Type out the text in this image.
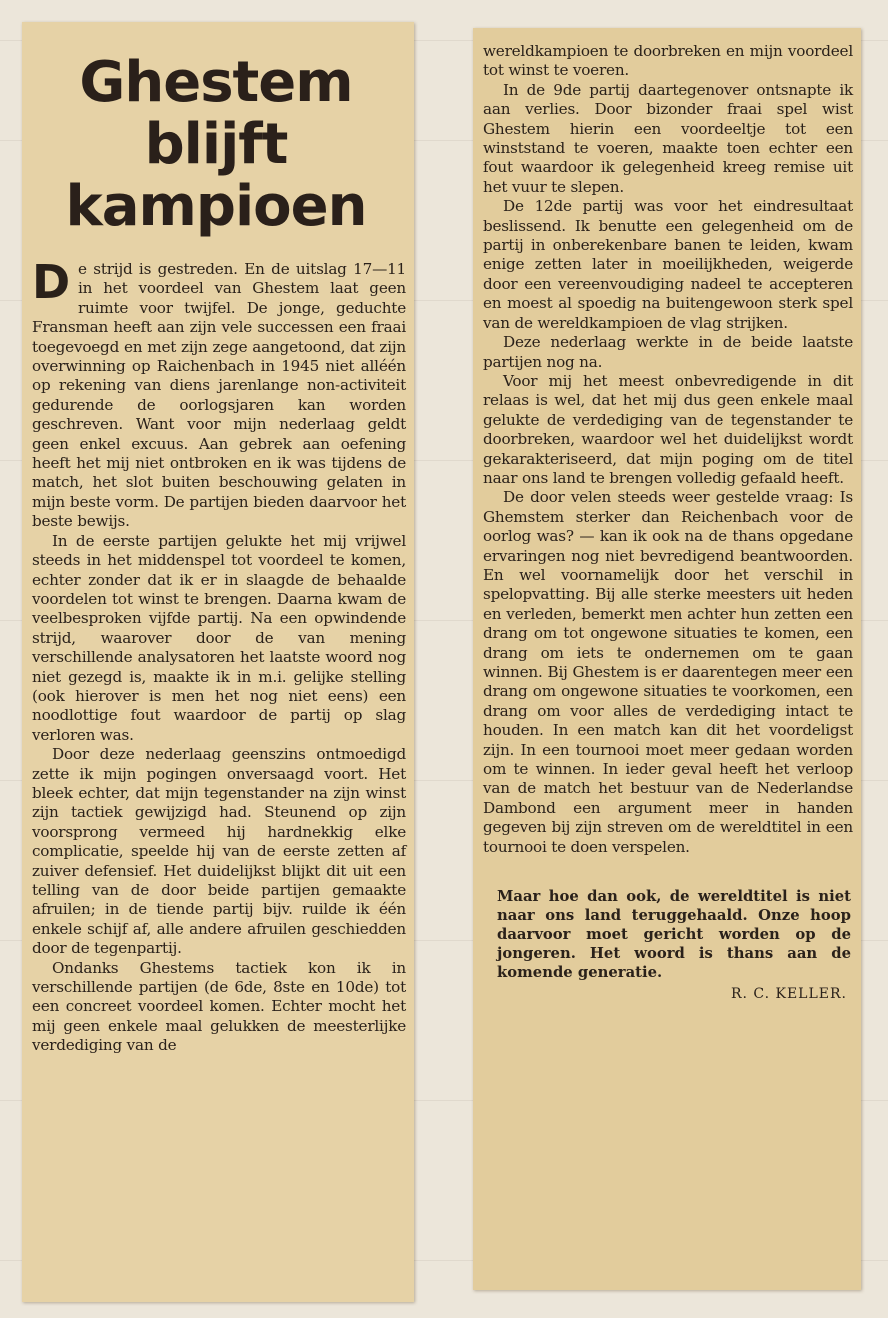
Ghestem blijft
kampioen

De strijd is gestreden. En de uitslag 17—11 in het voordeel van Ghestem laat geen ruimte voor twijfel. De jonge, geduchte Fransman heeft aan zijn vele successen een fraai toegevoegd en met zijn zege aangetoond, dat zijn overwinning op Raichenbach in 1945 niet alléén op rekening van diens jarenlange non-activiteit gedurende de oorlogsjaren kan worden geschreven. Want voor mijn nederlaag geldt geen enkel excuus. Aan gebrek aan oefening heeft het mij niet ontbroken en ik was tijdens de match, het slot buiten beschouwing gelaten in mijn beste vorm. De partijen bieden daarvoor het beste bewijs.

In de eerste partijen gelukte het mij vrijwel steeds in het middenspel tot voordeel te komen, echter zonder dat ik er in slaagde de behaalde voordelen tot winst te brengen. Daarna kwam de veelbesproken vijfde partij. Na een opwindende strijd, waarover door de van mening verschillende analysatoren het laatste woord nog niet gezegd is, maakte ik in m.i. gelijke stelling (ook hierover is men het nog niet eens) een noodlottige fout waardoor de partij op slag verloren was.

Door deze nederlaag geenszins ontmoedigd zette ik mijn pogingen onversaagd voort. Het bleek echter, dat mijn tegenstander na zijn winst zijn tactiek gewijzigd had. Steunend op zijn voorsprong vermeed hij hardnekkig elke complicatie, speelde hij van de eerste zetten af zuiver defensief. Het duidelijkst blijkt dit uit een telling van de door beide partijen gemaakte afruilen; in de tiende partij bijv. ruilde ik één enkele schijf af, alle andere afruilen geschiedden door de tegenpartij.

Ondanks Ghestems tactiek kon ik in verschillende partijen (de 6de, 8ste en 10de) tot een concreet voordeel komen. Echter mocht het mij geen enkele maal gelukken de meesterlijke verdediging van de

wereldkampioen te doorbreken en mijn voordeel tot winst te voeren.

In de 9de partij daartegenover ontsnapte ik aan verlies. Door bizonder fraai spel wist Ghestem hierin een voordeeltje tot een winststand te voeren, maakte toen echter een fout waardoor ik gelegenheid kreeg remise uit het vuur te slepen.

De 12de partij was voor het eindresultaat beslissend. Ik benutte een gelegenheid om de partij in onberekenbare banen te leiden, kwam enige zetten later in moeilijkheden, weigerde door een vereenvoudiging nadeel te accepteren en moest al spoedig na buitengewoon sterk spel van de wereldkampioen de vlag strijken.

Deze nederlaag werkte in de beide laatste partijen nog na.

Voor mij het meest onbevredigende in dit relaas is wel, dat het mij dus geen enkele maal gelukte de verdediging van de tegenstander te doorbreken, waardoor wel het duidelijkst wordt gekarakteriseerd, dat mijn poging om de titel naar ons land te brengen volledig gefaald heeft.

De door velen steeds weer gestelde vraag: Is Ghemstem sterker dan Reichenbach voor de oorlog was? — kan ik ook na de thans opgedane ervaringen nog niet bevredigend beantwoorden. En wel voornamelijk door het verschil in spelopvatting. Bij alle sterke meesters uit heden en verleden, bemerkt men achter hun zetten een drang om tot ongewone situaties te komen, een drang om iets te ondernemen om te gaan winnen. Bij Ghestem is er daarentegen meer een drang om ongewone situaties te voorkomen, een drang om voor alles de verdediging intact te houden. In een match kan dit het voordeligst zijn. In een tournooi moet meer gedaan worden om te winnen. In ieder geval heeft het verloop van de match het bestuur van de Nederlandse Dambond een argument meer in handen gegeven bij zijn streven om de wereldtitel in een tournooi te doen verspelen.

Maar hoe dan ook, de wereldtitel is niet naar ons land teruggehaald. Onze hoop daarvoor moet gericht worden op de jongeren. Het woord is thans aan de komende generatie.
R. C. KELLER.
